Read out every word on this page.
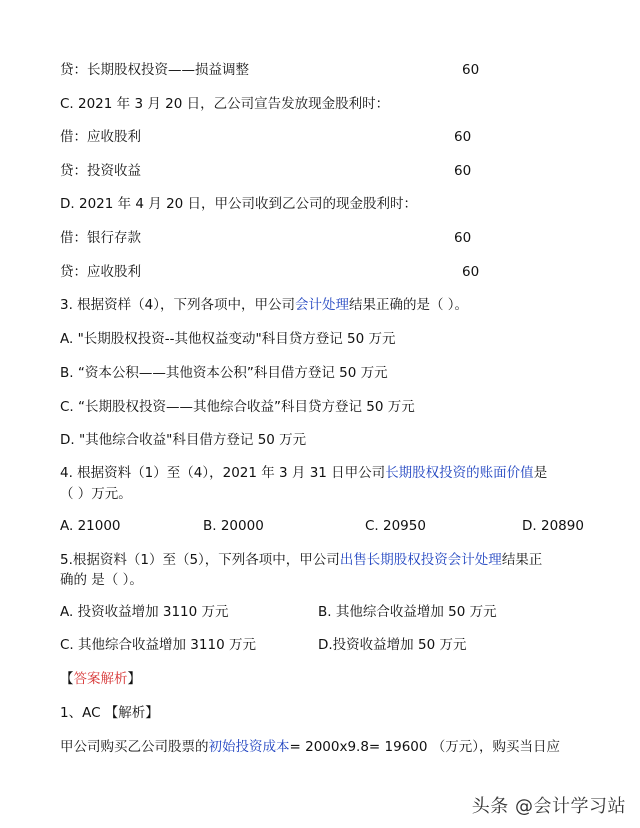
贷：长期股权投资——损益调整	60
C. 2021 年 3 月 20 日，乙公司宣告发放现金股利时：
借：应收股利	60
贷：投资收益	60
D. 2021 年 4 月 20 日，甲公司收到乙公司的现金股利时：
借：银行存款	60
贷：应收股利	60
3. 根据资样（4），下列各项中，甲公司会计处理结果正确的是（ ）。
A. "长期股权投资--其他权益变动"科目贷方登记 50 万元
B. “资本公积——其他资本公积”科目借方登记 50 万元
C. “长期股权投资——其他综合收益”科目贷方登记 50 万元
D. "其他综合收益"科目借方登记 50 万元
4. 根据资料（1）至（4），2021 年 3 月 31 日甲公司长期股权投资的账面价值是
（ ）万元。
A. 21000	B. 20000	C. 20950	D. 20890
5.根据资料（1）至（5），下列各项中，甲公司出售长期股权投资会计处理结果正
确的 是（ ）。
A. 投资收益增加 3110 万元	B. 其他综合收益增加 50 万元
C. 其他综合收益增加 3110 万元	D.投资收益增加 50 万元
【答案解析】
1、AC 【解析】
甲公司购买乙公司股票的初始投资成本= 2000x9.8= 19600 （万元），购买当日应
头条 @会计学习站
